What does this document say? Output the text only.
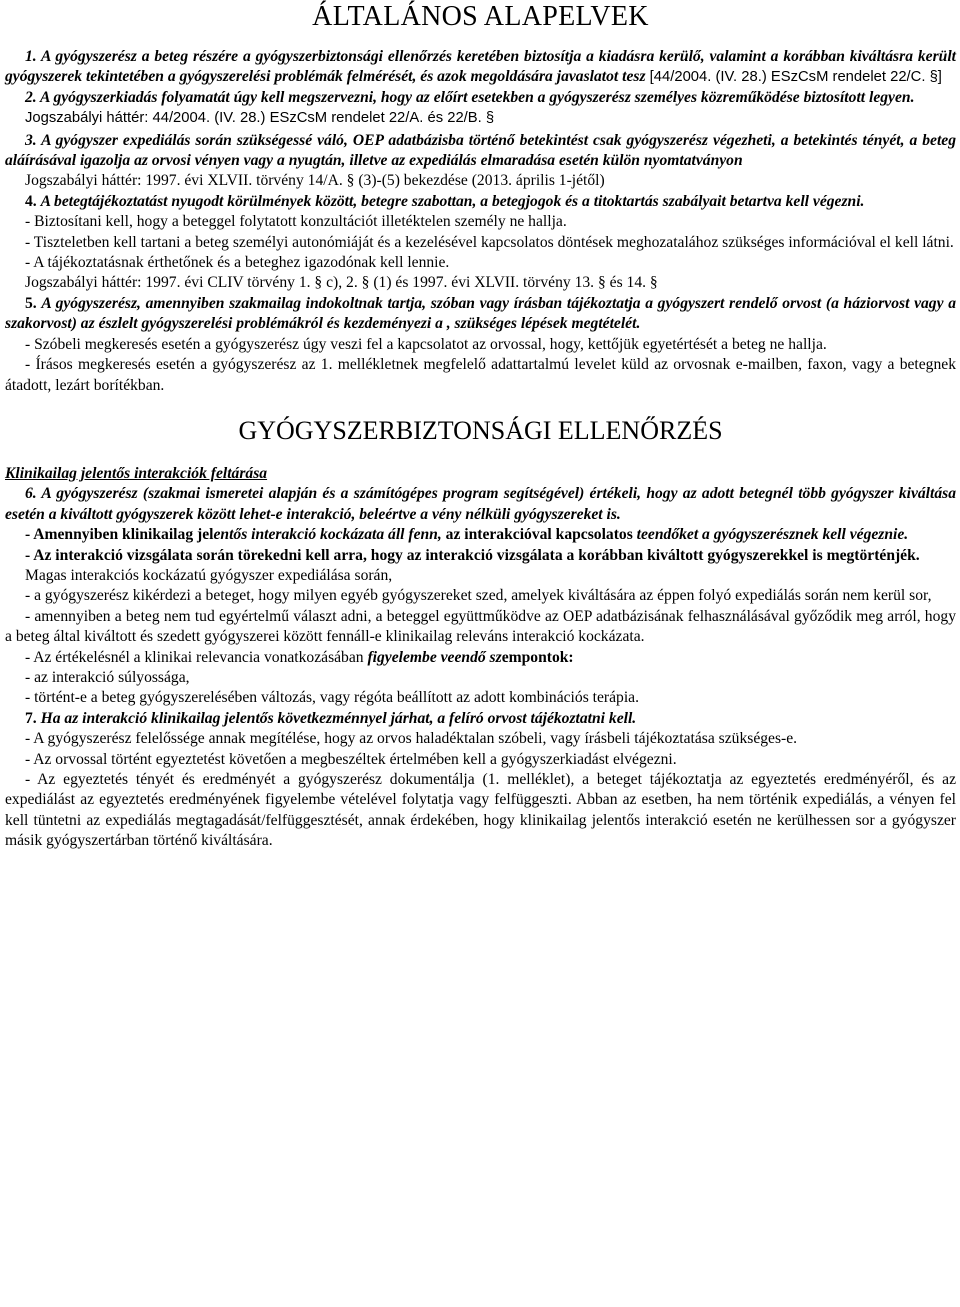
ÁLTALÁNOS ALAPELVEK

1. A gyógyszerész a beteg részére a gyógyszerbiztonsági ellenőrzés keretében biztosítja a kiadásra kerülő, valamint a korábban kiváltásra került gyógyszerek tekintetében a gyógyszerelési problémák felmérését, és azok megoldására javaslatot tesz [44/2004. (IV. 28.) ESzCsM rendelet 22/C. §]

2. A gyógyszerkiadás folyamatát úgy kell megszervezni, hogy az előírt esetekben a gyógyszerész személyes közreműködése biztosított legyen.

Jogszabályi háttér: 44/2004. (IV. 28.) ESzCsM rendelet 22/A. és 22/B. §

3. A gyógyszer expediálás során szükségessé váló, OEP adatbázisba történő betekintést csak gyógyszerész végezheti, a betekintés tényét, a beteg aláírásával igazolja az orvosi vényen vagy a nyugtán, illetve az expediálás elmaradása esetén külön nyomtatványon

Jogszabályi háttér: 1997. évi XLVII. törvény 14/A. § (3)-(5) bekezdése (2013. április 1-jétől)

4. A betegtájékoztatást nyugodt körülmények között, betegre szabottan, a betegjogok és a titoktartás szabályait betartva kell végezni.

- Biztosítani kell, hogy a beteggel folytatott konzultációt illetéktelen személy ne hallja.

- Tiszteletben kell tartani a beteg személyi autonómiáját és a kezelésével kapcsolatos döntések meghozatalához szükséges információval el kell látni.

- A tájékoztatásnak érthetőnek és a beteghez igazodónak kell lennie.

Jogszabályi háttér: 1997. évi CLIV törvény 1. § c), 2. § (1) és 1997. évi XLVII. törvény 13. § és 14. §

5. A gyógyszerész, amennyiben szakmailag indokoltnak tartja, szóban vagy írásban tájékoztatja a gyógyszert rendelő orvost (a háziorvost vagy a szakorvost) az észlelt gyógyszerelési problémákról és kezdeményezi a , szükséges lépések megtételét.

- Szóbeli megkeresés esetén a gyógyszerész úgy veszi fel a kapcsolatot az orvossal, hogy, kettőjük egyetértését a beteg ne hallja.

- Írásos megkeresés esetén a gyógyszerész az 1. mellékletnek megfelelő adattartalmú levelet küld az orvosnak e-mailben, faxon, vagy a betegnek átadott, lezárt borítékban.

GYÓGYSZERBIZTONSÁGI ELLENŐRZÉS

Klinikailag jelentős interakciók feltárása

6. A gyógyszerész (szakmai ismeretei alapján és a számítógépes program segítségével) értékeli, hogy az adott betegnél több gyógyszer kiváltása esetén a kiváltott gyógyszerek között lehet-e interakció, beleértve a vény nélküli gyógyszereket is.

- Amennyiben klinikailag jelentős interakció kockázata áll fenn, az interakcióval kapcsolatos teendőket a gyógyszerésznek kell végeznie.

- Az interakció vizsgálata során törekedni kell arra, hogy az interakció vizsgálata a korábban kiváltott gyógyszerekkel is megtörténjék.

Magas interakciós kockázatú gyógyszer expediálása során,

- a gyógyszerész kikérdezi a beteget, hogy milyen egyéb gyógyszereket szed, amelyek kiváltására az éppen folyó expediálás során nem kerül sor,

- amennyiben a beteg nem tud egyértelmű választ adni, a beteggel együttműködve az OEP adatbázisának felhasználásával győződik meg arról, hogy a beteg által kiváltott és szedett gyógyszerei között fennáll-e klinikailag releváns interakció kockázata.

- Az értékelésnél a klinikai relevancia vonatkozásában figyelembe veendő szempontok:

- az interakció súlyossága,

- történt-e a beteg gyógyszerelésében változás, vagy régóta beállított az adott kombinációs terápia.

7. Ha az interakció klinikailag jelentős következménnyel járhat, a felíró orvost tájékoztatni kell.

- A gyógyszerész felelőssége annak megítélése, hogy az orvos haladéktalan szóbeli, vagy írásbeli tájékoztatása szükséges-e.

- Az orvossal történt egyeztetést követően a megbeszéltek értelmében kell a gyógyszerkiadást elvégezni.

- Az egyeztetés tényét és eredményét a gyógyszerész dokumentálja (1. melléklet), a beteget tájékoztatja az egyeztetés eredményéről, és az expediálást az egyeztetés eredményének figyelembe vételével folytatja vagy felfüggeszti. Abban az esetben, ha nem történik expediálás, a vényen fel kell tüntetni az expediálás megtagadását/felfüggesztését, annak érdekében, hogy klinikailag jelentős interakció esetén ne kerülhessen sor a gyógyszer másik gyógyszertárban történő kiváltására.
